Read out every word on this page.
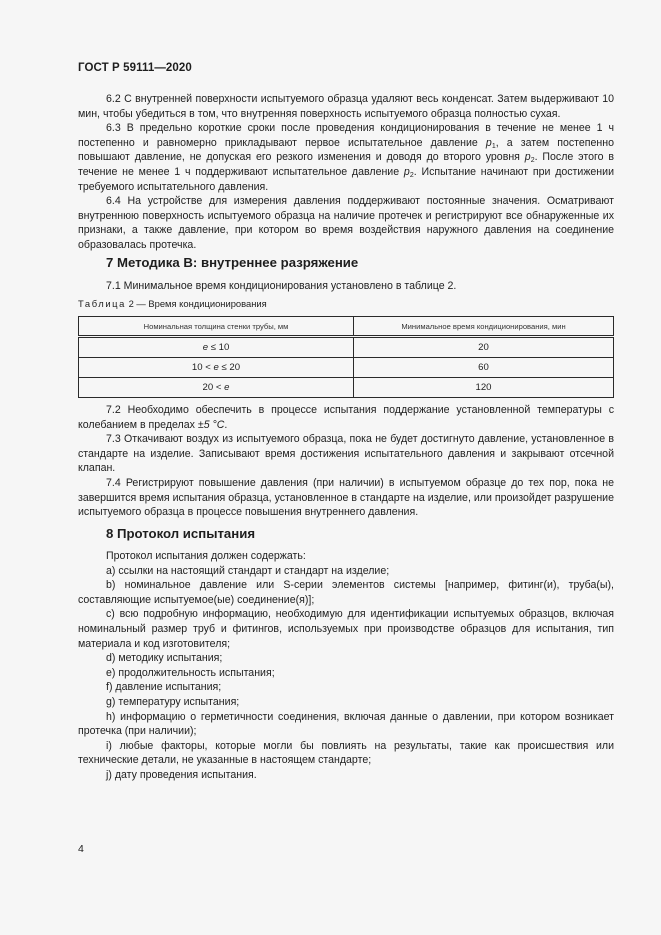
ГОСТ Р 59111—2020

6.2 С внутренней поверхности испытуемого образца удаляют весь конденсат. Затем выдерживают 10 мин, чтобы убедиться в том, что внутренняя поверхность испытуемого образца полностью сухая.

6.3 В предельно короткие сроки после проведения кондиционирования в течение не менее 1 ч постепенно и равномерно прикладывают первое испытательное давление $p_1$, а затем постепенно повышают давление, не допуская его резкого изменения и доводя до второго уровня $p_2$. После этого в течение не менее 1 ч поддерживают испытательное давление $p_2$. Испытание начинают при достижении требуемого испытательного давления.

6.4 На устройстве для измерения давления поддерживают постоянные значения. Осматривают внутреннюю поверхность испытуемого образца на наличие протечек и регистрируют все обнаруженные их признаки, а также давление, при котором во время воздействия наружного давления на соединение образовалась протечка.

7 Методика В: внутреннее разряжение

7.1 Минимальное время кондиционирования установлено в таблице 2.

Таблица 2 — Время кондиционирования
Номинальная толщина стенки трубы, мм	Минимальное время кондиционирования, мин
e ≤ 10	20
10 < e ≤ 20	60
20 < e	120

7.2 Необходимо обеспечить в процессе испытания поддержание установленной температуры с колебанием в пределах ±5 °C.

7.3 Откачивают воздух из испытуемого образца, пока не будет достигнуто давление, установленное в стандарте на изделие. Записывают время достижения испытательного давления и закрывают отсечной клапан.

7.4 Регистрируют повышение давления (при наличии) в испытуемом образце до тех пор, пока не завершится время испытания образца, установленное в стандарте на изделие, или произойдет разрушение испытуемого образца в процессе повышения внутреннего давления.

8 Протокол испытания

Протокол испытания должен содержать:

a) ссылки на настоящий стандарт и стандарт на изделие;

b) номинальное давление или S-серии элементов системы [например, фитинг(и), труба(ы), составляющие испытуемое(ые) соединение(я)];

c) всю подробную информацию, необходимую для идентификации испытуемых образцов, включая номинальный размер труб и фитингов, используемых при производстве образцов для испытания, тип материала и код изготовителя;

d) методику испытания;

e) продолжительность испытания;

f) давление испытания;

g) температуру испытания;

h) информацию о герметичности соединения, включая данные о давлении, при котором возникает протечка (при наличии);

i) любые факторы, которые могли бы повлиять на результаты, такие как происшествия или технические детали, не указанные в настоящем стандарте;

j) дату проведения испытания.

4
